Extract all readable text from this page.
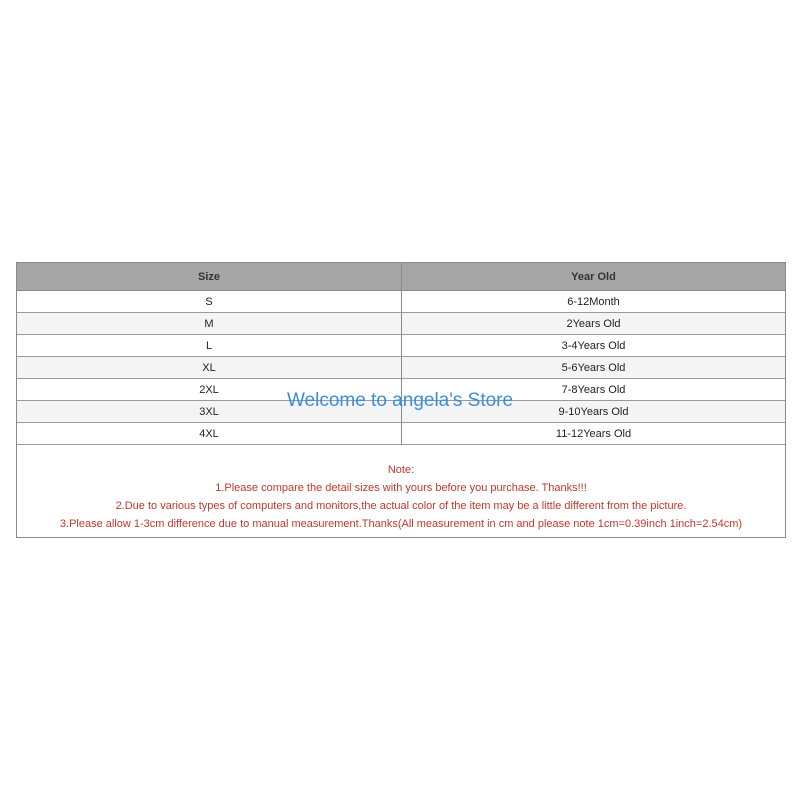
Size	Year Old
S	6-12Month
M	2Years Old
L	3-4Years Old
XL	5-6Years Old
2XL	7-8Years Old
3XL	9-10Years Old
4XL	11-12Years Old
Note:
1.Please compare the detail sizes with yours before you purchase. Thanks!!!
2.Due to various types of computers and monitors,the actual color of the item may be a little different from the picture.
3.Please allow 1-3cm difference due to manual measurement.Thanks(All measurement in cm and please note 1cm=0.39inch 1inch=2.54cm)
Welcome to angela's Store
